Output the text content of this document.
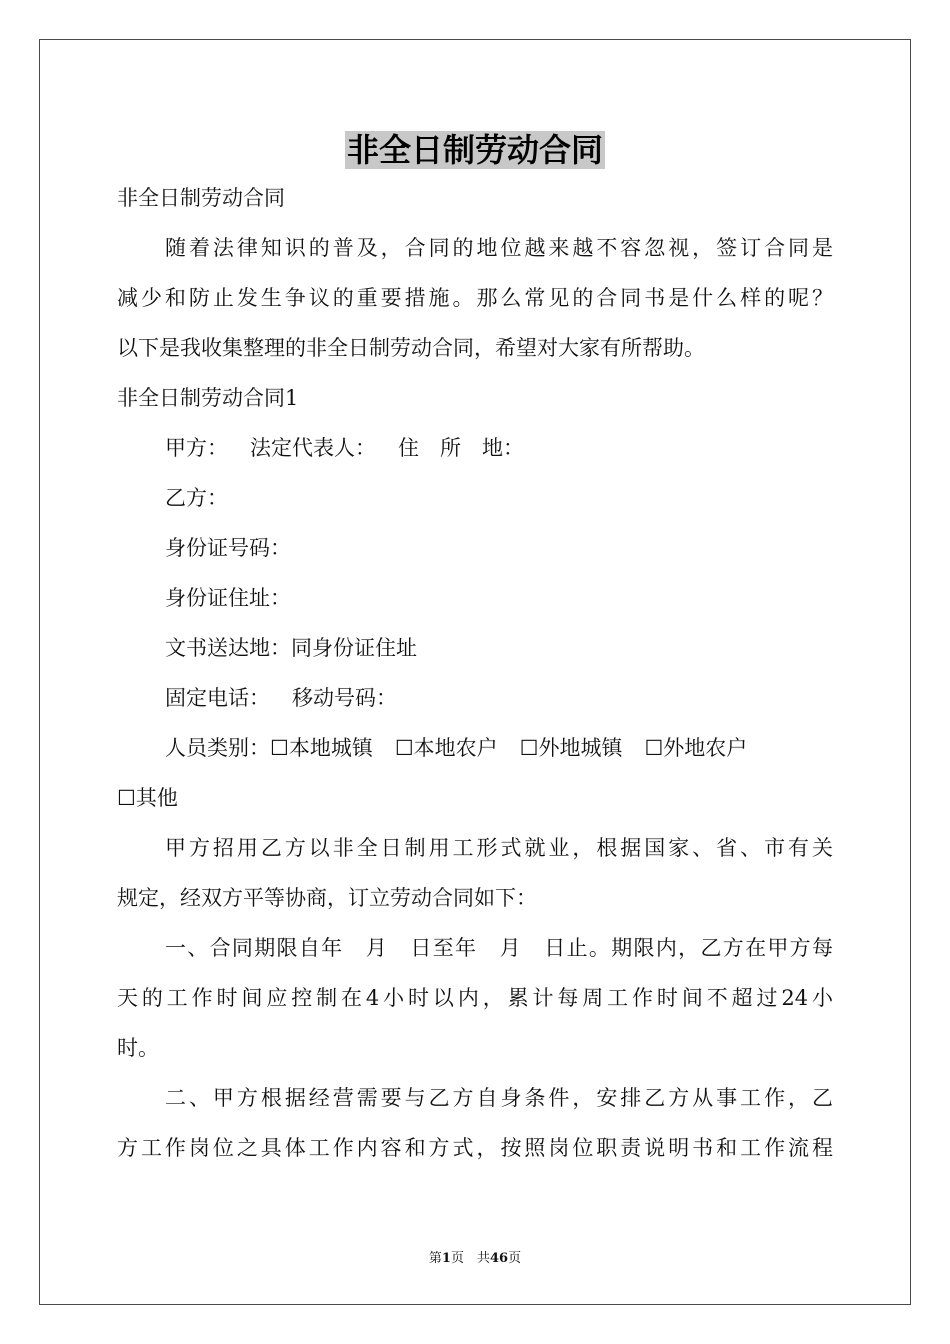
非全日制劳动合同

非全日制劳动合同

随着法律知识的普及，合同的地位越来越不容忽视，签订合同是

减少和防止发生争议的重要措施。那么常见的合同书是什么样的呢？

以下是我收集整理的非全日制劳动合同，希望对大家有所帮助。

非全日制劳动合同1

甲方： 法定代表人： 住　所　地：

乙方：

身份证号码：

身份证住址：

文书送达地：同身份证住址

固定电话： 移动号码：

人员类别：☐本地城镇 ☐本地农户 ☐外地城镇 ☐外地农户

☐其他

甲方招用乙方以非全日制用工形式就业，根据国家、省、市有关

规定，经双方平等协商，订立劳动合同如下：

一、合同期限自年　月　日至年　月　日止。期限内，乙方在甲方每

天的工作时间应控制在4小时以内，累计每周工作时间不超过24小

时。

二、甲方根据经营需要与乙方自身条件，安排乙方从事工作，乙

方工作岗位之具体工作内容和方式，按照岗位职责说明书和工作流程

第1页　共46页
